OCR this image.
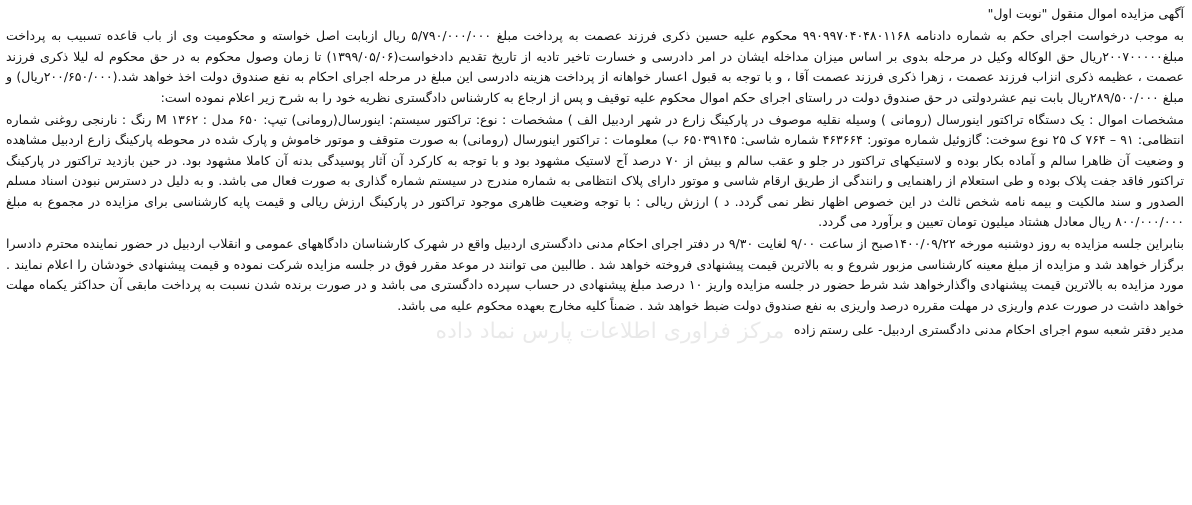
آگهی مزایده اموال منقول "نوبت اول"

به موجب درخواست اجرای حکم به شماره دادنامه ۹۹۰۹۹۷۰۴۰۴۸۰۱۱۶۸ محکوم علیه حسین ذکری فرزند عصمت به پرداخت مبلغ ۵/۷۹۰/۰۰۰/۰۰۰ ریال ازبابت اصل خواسته و محکومیت وی از باب قاعده تسبیب به پرداخت مبلغ۲۰۰۷۰۰۰۰۰ریال حق الوکاله وکیل در مرحله بدوی بر اساس میزان مداخله ایشان در امر دادرسی و خسارت تاخیر تادیه از تاریخ تقدیم دادخواست(۱۳۹۹/۰۵/۰۶) تا زمان وصول محکوم به در حق محکوم له لیلا ذکری فرزند عصمت ، عظیمه ذکری انزاب فرزند عصمت ، زهرا ذکری فرزند عصمت آقا ، و با توجه به قبول اعسار خواهانه از پرداخت هزینه دادرسی این مبلغ در مرحله اجرای احکام به نفع صندوق دولت اخذ خواهد شد.(۲۰۰/۶۵۰/۰۰۰ریال) و مبلغ ۲۸۹/۵۰۰/۰۰۰ریال بابت نیم عشردولتی در حق صندوق دولت در راستای اجرای حکم اموال محکوم علیه توقیف و پس از ارجاع به کارشناس دادگستری نظریه خود را به شرح زیر اعلام نموده است:

مشخصات اموال : یک دستگاه تراکتور اینورسال (رومانی ) وسیله نقلیه موصوف در پارکینگ زارع در شهر اردبیل الف ) مشخصات : نوع: تراکتور سیستم: اینورسال(رومانی) تیپ: ۶۵۰ مدل : ۱۳۶۲ M رنگ : نارنجی روغنی شماره انتظامی: ۹۱ – ۷۶۴ ک ۲۵ نوع سوخت: گازوئیل شماره موتور: ۴۶۳۶۶۴ شماره شاسی: ۶۵۰۳۹۱۴۵ ب) معلومات : تراکتور اینورسال (رومانی) به صورت متوقف و موتور خاموش و پارک شده در محوطه پارکینگ زارع اردبیل مشاهده و وضعیت آن ظاهرا سالم و آماده بکار بوده و لاستیکهای تراکتور در جلو و عقب سالم و بیش از ۷۰ درصد آج لاستیک مشهود بود و با توجه به کارکرد آن آثار پوسیدگی بدنه آن کاملا مشهود بود. در حین بازدید تراکتور در پارکینگ تراکتور فاقد جفت پلاک بوده و طی استعلام از راهنمایی و رانندگی از طریق ارقام شاسی و موتور دارای پلاک انتظامی به شماره مندرج در سیستم شماره گذاری به صورت فعال می باشد. و به دلیل در دسترس نبودن اسناد مسلم الصدور و سند مالکیت و بیمه نامه شخص ثالث در این خصوص اظهار نظر نمی گردد. د ) ارزش ریالی : با توجه وضعیت ظاهری موجود تراکتور در پارکینگ ارزش ریالی و قیمت پایه کارشناسی برای مزایده در مجموع به مبلغ ۸۰۰/۰۰۰/۰۰۰ ریال معادل هشتاد میلیون تومان تعیین و برآورد می گردد.

بنابراین جلسه مزایده به روز دوشنبه مورخه ۱۴۰۰/۰۹/۲۲صبح از ساعت ۹/۰۰ لغایت ۹/۳۰ در دفتر اجرای احکام مدنی دادگستری اردبیل واقع در شهرک کارشناسان دادگاههای عمومی و انقلاب اردبیل در حضور نماینده محترم دادسرا برگزار خواهد شد و مزایده از مبلغ معینه کارشناسی مزبور شروع و به بالاترین قیمت پیشنهادی فروخته خواهد شد . طالبین می توانند در موعد مقرر فوق در جلسه مزایده شرکت نموده و قیمت پیشنهادی خودشان را اعلام نمایند . مورد مزایده به بالاترین قیمت پیشنهادی واگذارخواهد شد شرط حضور در جلسه مزایده واریز ۱۰ درصد مبلغ پیشنهادی در حساب سپرده دادگستری می باشد و در صورت برنده شدن نسبت به پرداخت مابقی آن حداکثر یکماه مهلت خواهد داشت در صورت عدم واریزی در مهلت مقرره درصد واریزی به نفع صندوق دولت ضبط خواهد شد . ضمناً کلیه مخارج بعهده محکوم علیه می باشد.

مدیر دفتر شعبه سوم اجرای احکام مدنی دادگستری اردبیل- علی رستم زاده

مرکز فراوری اطلاعات پارس نماد داده
